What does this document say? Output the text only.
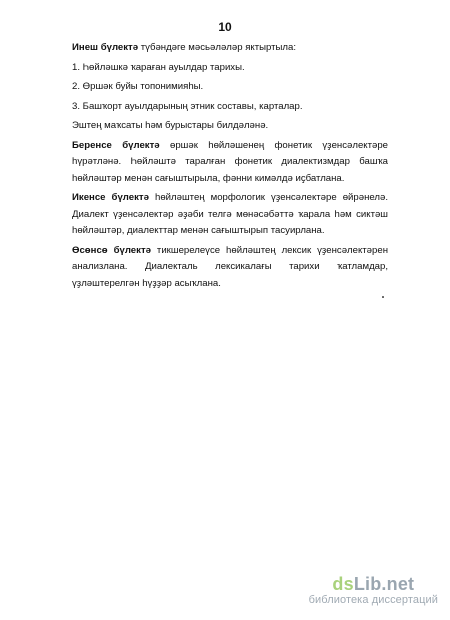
10

Инеш бүлектә түбәндәге мәсьәләләр яктыртыла:

1. Һөйләшкә ҡараған ауылдар тарихы.

2. Өршәк буйы топонимияһы.

3. Башҡорт ауылдарының этник составы, карталар.

Эштең маҡсаты һәм бурыстары билдәләнә.

Беренсе бүлектә өршәк һөйләшенең фонетик үҙенсәлектәре һүрәтләнә. Һөйләштә таралған фонетик диалектизмдар башҡа һөйләштәр менән сағыштырыла, фәнни кимәлдә иҫбатлана.

Икенсе бүлектә һөйләштең морфологик үҙенсәлектәре өйрәнелә. Диалект үҙенсәлектәр әҙәби телгә мөнәсәбәттә ҡарала һәм сиктәш һөйләштәр, диалекттар менән сағыштырып тасуирлана.

Өсөнсө бүлектә тикшерелеүсе һөйләштең лексик үҙенсәлектәрен анализлана. Диалекталь лексикалағы тарихи ҡатламдар, үҙләштерелгән һүҙҙәр асыҡлана.

dsLib.net
библиотека диссертаций
